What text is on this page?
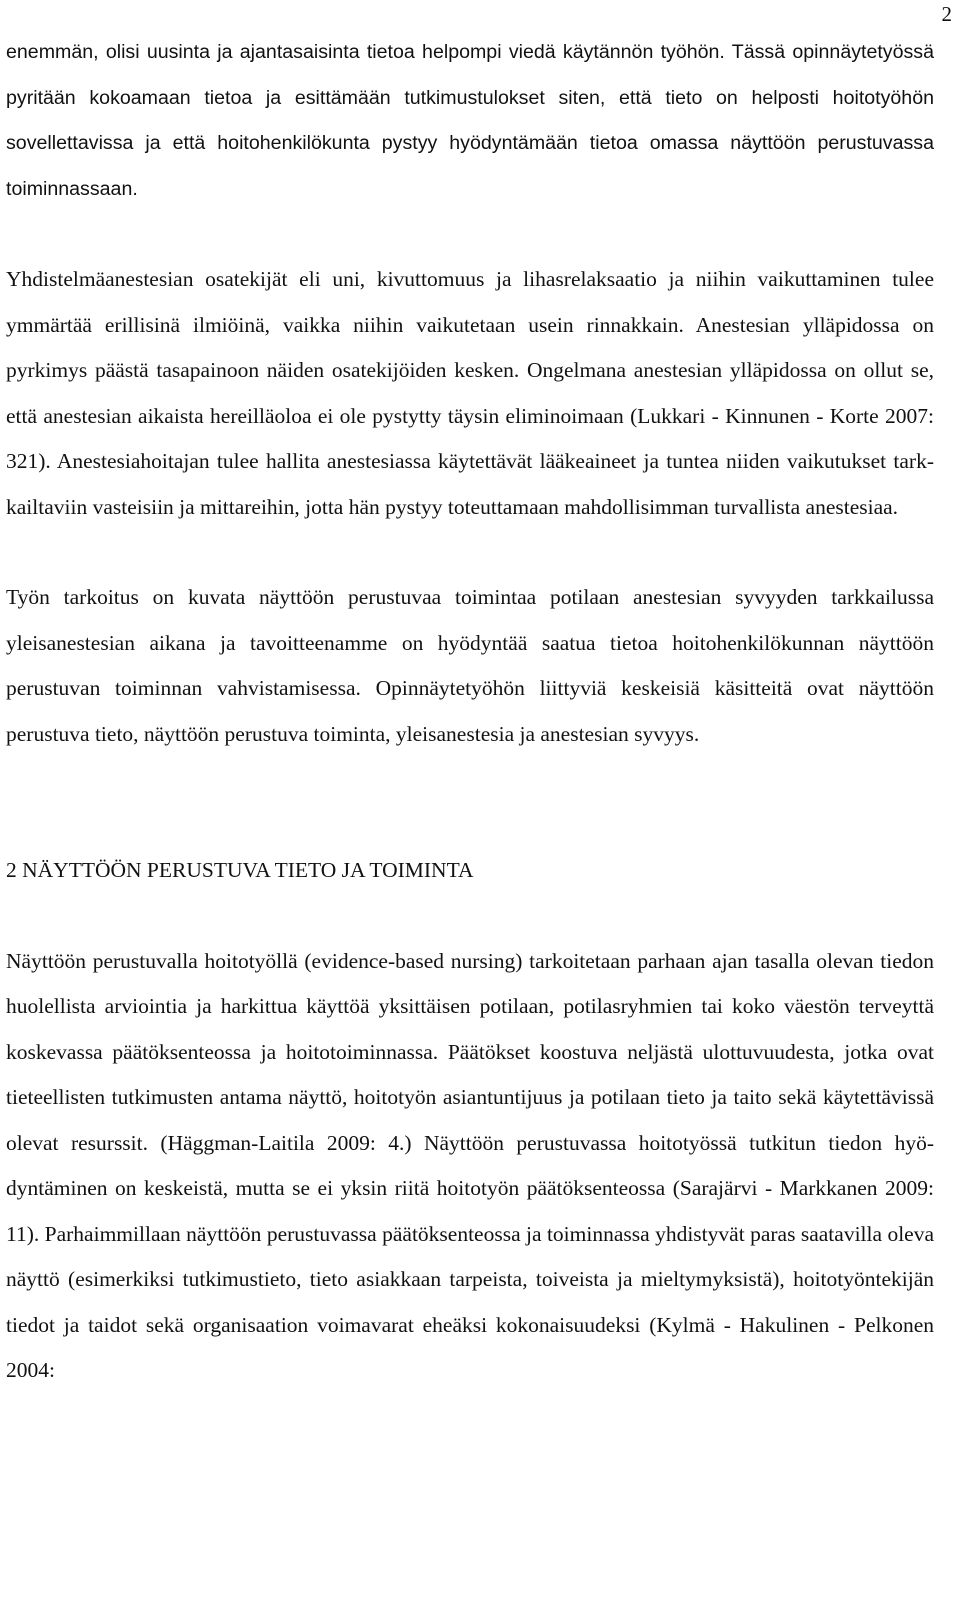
2

enemmän, olisi uusinta ja ajantasaisinta tietoa helpompi viedä käytännön työhön. Tässä opinnäytetyössä pyritään kokoamaan tietoa ja esittämään tutkimustulokset siten, että tieto on helposti hoitotyöhön sovellettavissa ja että hoitohenkilökunta pystyy hyödyntämään tietoa omassa näyttöön perustuvassa toiminnassaan.

Yhdistelmäanestesian osatekijät eli uni, kivuttomuus ja lihasrelaksaatio ja niihin vaikuttaminen tulee ymmärtää erillisinä ilmiöinä, vaikka niihin vaikutetaan usein rinnakkain. Anestesian ylläpidossa on pyrkimys päästä tasapainoon näiden osatekijöiden kesken. Ongelmana anestesian ylläpidossa on ollut se, että anestesian aikaista hereilläoloa ei ole pystytty täysin eliminoimaan (Lukkari - Kinnunen - Korte 2007: 321). Anestesiahoitajan tulee hallita anestesiassa käytettävät lääkeaineet ja tuntea niiden vaikutukset tarkkailtaviin vasteisiin ja mittareihin, jotta hän pystyy toteuttamaan mahdollisimman turvallista anestesiaa.

Työn tarkoitus on kuvata näyttöön perustuvaa toimintaa potilaan anestesian syvyyden tarkkailussa yleisanestesian aikana ja tavoitteenamme on hyödyntää saatua tietoa hoitohenkilökunnan näyttöön perustuvan toiminnan vahvistamisessa. Opinnäytetyöhön liittyviä keskeisiä käsitteitä ovat näyttöön perustuva tieto, näyttöön perustuva toiminta, yleisanestesia ja anestesian syvyys.

2 NÄYTTÖÖN PERUSTUVA TIETO JA TOIMINTA

Näyttöön perustuvalla hoitotyöllä (evidence-based nursing) tarkoitetaan parhaan ajan tasalla olevan tiedon huolellista arviointia ja harkittua käyttöä yksittäisen potilaan, potilasryhmien tai koko väestön terveyttä koskevassa päätöksenteossa ja hoitotoiminnassa. Päätökset koostuva neljästä ulottuvuudesta, jotka ovat tieteellisten tutkimusten antama näyttö, hoitotyön asiantuntijuus ja potilaan tieto ja taito sekä käytettävissä olevat resurssit. (Häggman-Laitila 2009: 4.) Näyttöön perustuvassa hoitotyössä tutkitun tiedon hyödyntäminen on keskeistä, mutta se ei yksin riitä hoitotyön päätöksenteossa (Sarajärvi - Markkanen 2009: 11). Parhaimmillaan näyttöön perustuvassa päätöksenteossa ja toiminnassa yhdistyvät paras saatavilla oleva näyttö (esimerkiksi tutkimustieto, tieto asiakkaan tarpeista, toiveista ja mieltymyksistä), hoitotyöntekijän tiedot ja taidot sekä organisaation voimavarat eheäksi kokonaisuudeksi (Kylmä - Hakulinen - Pelkonen 2004:
